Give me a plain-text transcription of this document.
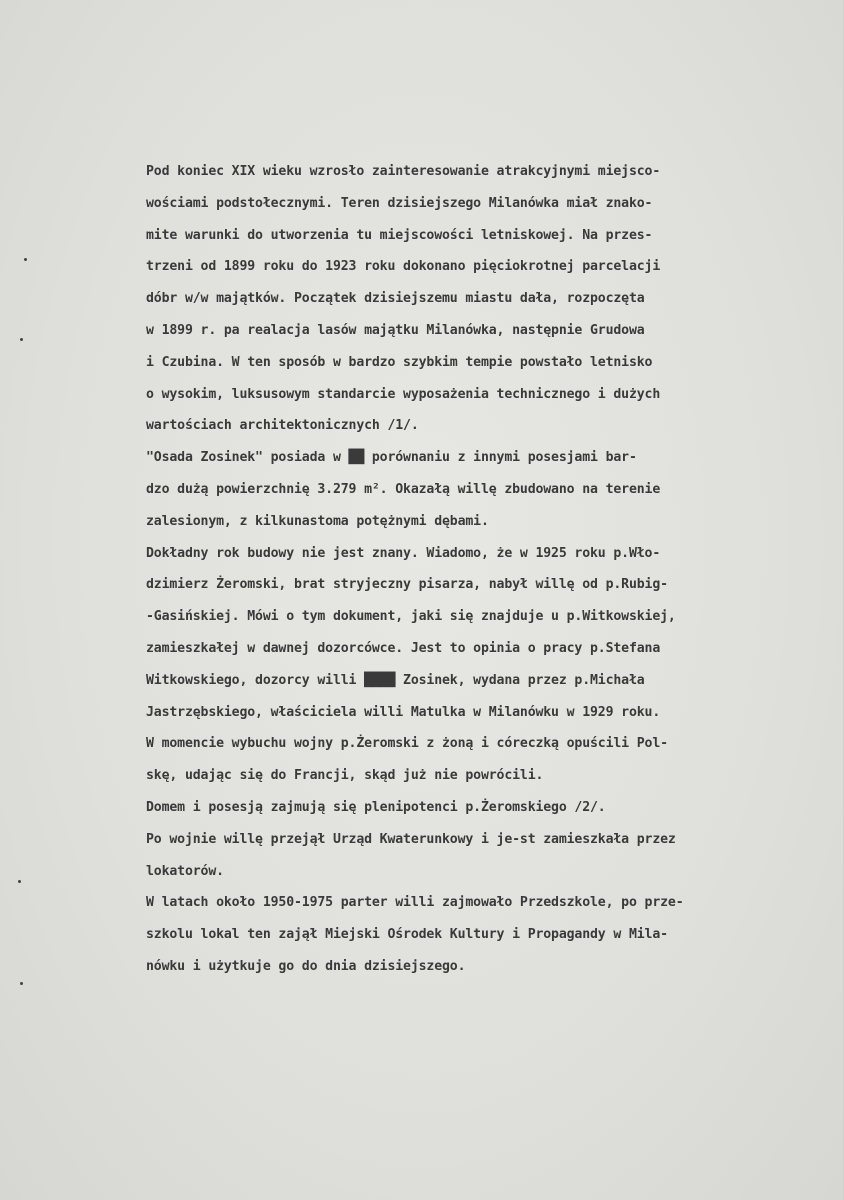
Pod koniec XIX wieku wzrosło zainteresowanie atrakcyjnymi miejsco-
wościami podstołecznymi. Teren dzisiejszego Milanówka miał znako-
mite warunki do utworzenia tu miejscowości letniskowej. Na przes-
trzeni od 1899 roku do 1923 roku dokonano pięciokrotnej parcelacji
dóbr w/w majątków. Początek dzisiejszemu miastu dała, rozpoczęta
w 1899 r. pa realacja lasów majątku Milanówka, następnie Grudowa
i Czubina. W ten sposób w bardzo szybkim tempie powstało letnisko
o wysokim, luksusowym standarcie wyposażenia technicznego i dużych
wartościach architektonicznych /1/.
"Osada Zosinek" posiada w ██ porównaniu z innymi posesjami bar-
dzo dużą powierzchnię 3.279 m². Okazałą willę zbudowano na terenie
zalesionym, z kilkunastoma potężnymi dębami.
Dokładny rok budowy nie jest znany. Wiadomo, że w 1925 roku p.Wło-
dzimierz Żeromski, brat stryjeczny pisarza, nabył willę od p.Rubig-
-Gasińskiej. Mówi o tym dokument, jaki się znajduje u p.Witkowskiej,
zamieszkałej w dawnej dozorcówce. Jest to opinia o pracy p.Stefana
Witkowskiego, dozorcy willi ████ Zosinek, wydana przez p.Michała
Jastrzębskiego, właściciela willi Matulka w Milanówku w 1929 roku.
W momencie wybuchu wojny p.Żeromski z żoną i córeczką opuścili Pol-
skę, udając się do Francji, skąd już nie powrócili.
Domem i posesją zajmują się plenipotenci p.Żeromskiego /2/.
Po wojnie willę przejął Urząd Kwaterunkowy i je-st zamieszkała przez
lokatorów.
W latach około 1950-1975 parter willi zajmowało Przedszkole, po prze-
szkolu lokal ten zajął Miejski Ośrodek Kultury i Propagandy w Mila-
nówku i użytkuje go do dnia dzisiejszego.
